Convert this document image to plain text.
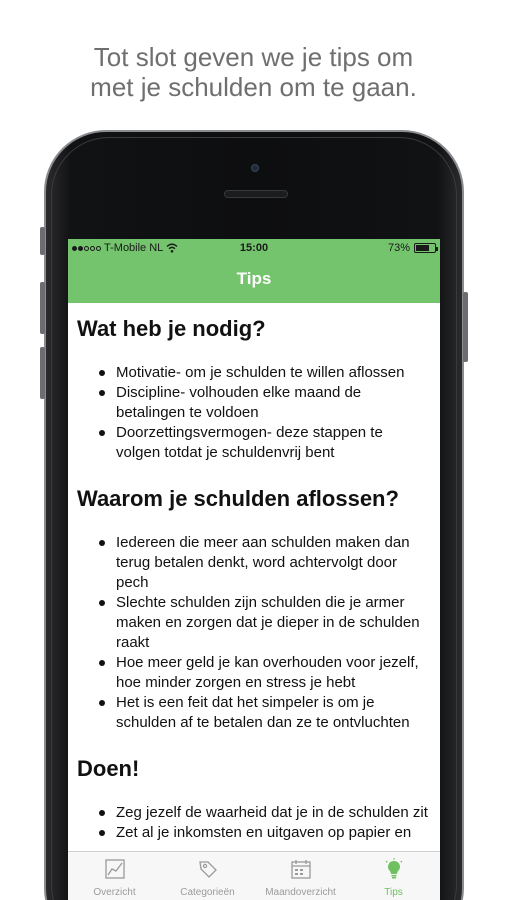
Tot slot geven we je tips om
met je schulden om te gaan.
T-Mobile NL	15:00	73%
Tips
Wat heb je nodig?
Motivatie- om je schulden te willen aflossen
Discipline- volhouden elke maand de betalingen te voldoen
Doorzettingsvermogen- deze stappen te volgen totdat je schuldenvrij bent
Waarom je schulden aflossen?
Iedereen die meer aan schulden maken dan terug betalen denkt, word achtervolgt door pech
Slechte schulden zijn schulden die je armer maken en zorgen dat je dieper in de schulden raakt
Hoe meer geld je kan overhouden voor jezelf, hoe minder zorgen en stress je hebt
Het is een feit dat het simpeler is om je schulden af te betalen dan ze te ontvluchten
Doen!
Zeg jezelf de waarheid dat je in de schulden zit
Zet al je inkomsten en uitgaven op papier en
Overzicht	Categorieën	Maandoverzicht	Tips
